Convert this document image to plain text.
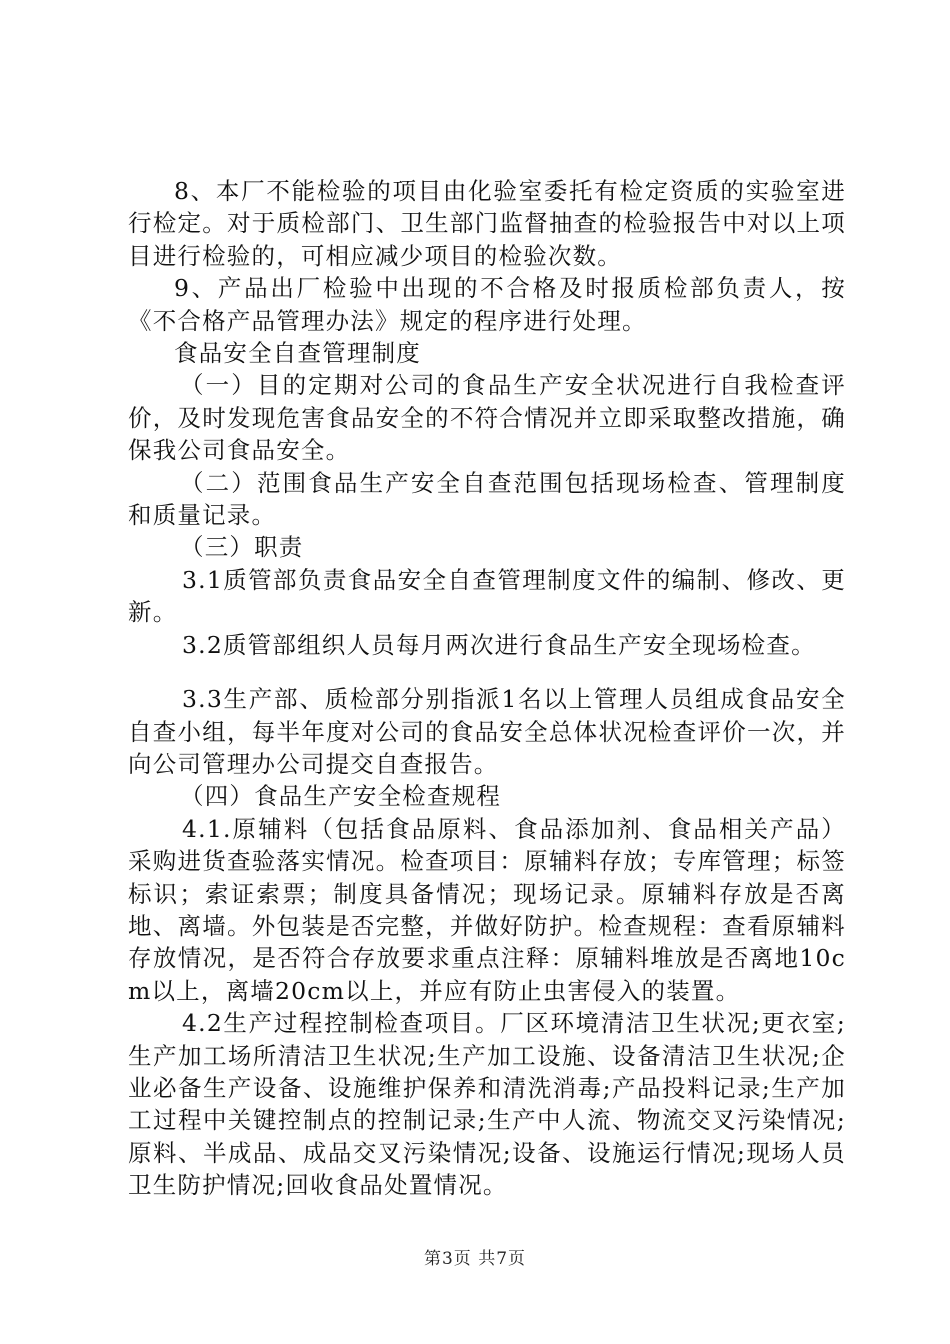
8、本厂不能检验的项目由化验室委托有检定资质的实验室进行检定。对于质检部门、卫生部门监督抽查的检验报告中对以上项目进行检验的，可相应减少项目的检验次数。

9、产品出厂检验中出现的不合格及时报质检部负责人，按《不合格产品管理办法》规定的程序进行处理。

食品安全自查管理制度

（一）目的定期对公司的食品生产安全状况进行自我检查评价，及时发现危害食品安全的不符合情况并立即采取整改措施，确保我公司食品安全。

（二）范围食品生产安全自查范围包括现场检查、管理制度和质量记录。

（三）职责

3.1质管部负责食品安全自查管理制度文件的编制、修改、更新。

3.2质管部组织人员每月两次进行食品生产安全现场检查。

3.3生产部、质检部分别指派1名以上管理人员组成食品安全自查小组，每半年度对公司的食品安全总体状况检查评价一次，并向公司管理办公司提交自查报告。

（四）食品生产安全检查规程

4.1.原辅料（包括食品原料、食品添加剂、食品相关产品）采购进货查验落实情况。检查项目：原辅料存放；专库管理；标签标识；索证索票；制度具备情况；现场记录。原辅料存放是否离地、离墙。外包装是否完整，并做好防护。检查规程：查看原辅料存放情况，是否符合存放要求重点注释：原辅料堆放是否离地10cm以上，离墙20cm以上，并应有防止虫害侵入的装置。

4.2生产过程控制检查项目。厂区环境清洁卫生状况;更衣室;生产加工场所清洁卫生状况;生产加工设施、设备清洁卫生状况;企业必备生产设备、设施维护保养和清洗消毒;产品投料记录;生产加工过程中关键控制点的控制记录;生产中人流、物流交叉污染情况;原料、半成品、成品交叉污染情况;设备、设施运行情况;现场人员卫生防护情况;回收食品处置情况。

第3页 共7页
